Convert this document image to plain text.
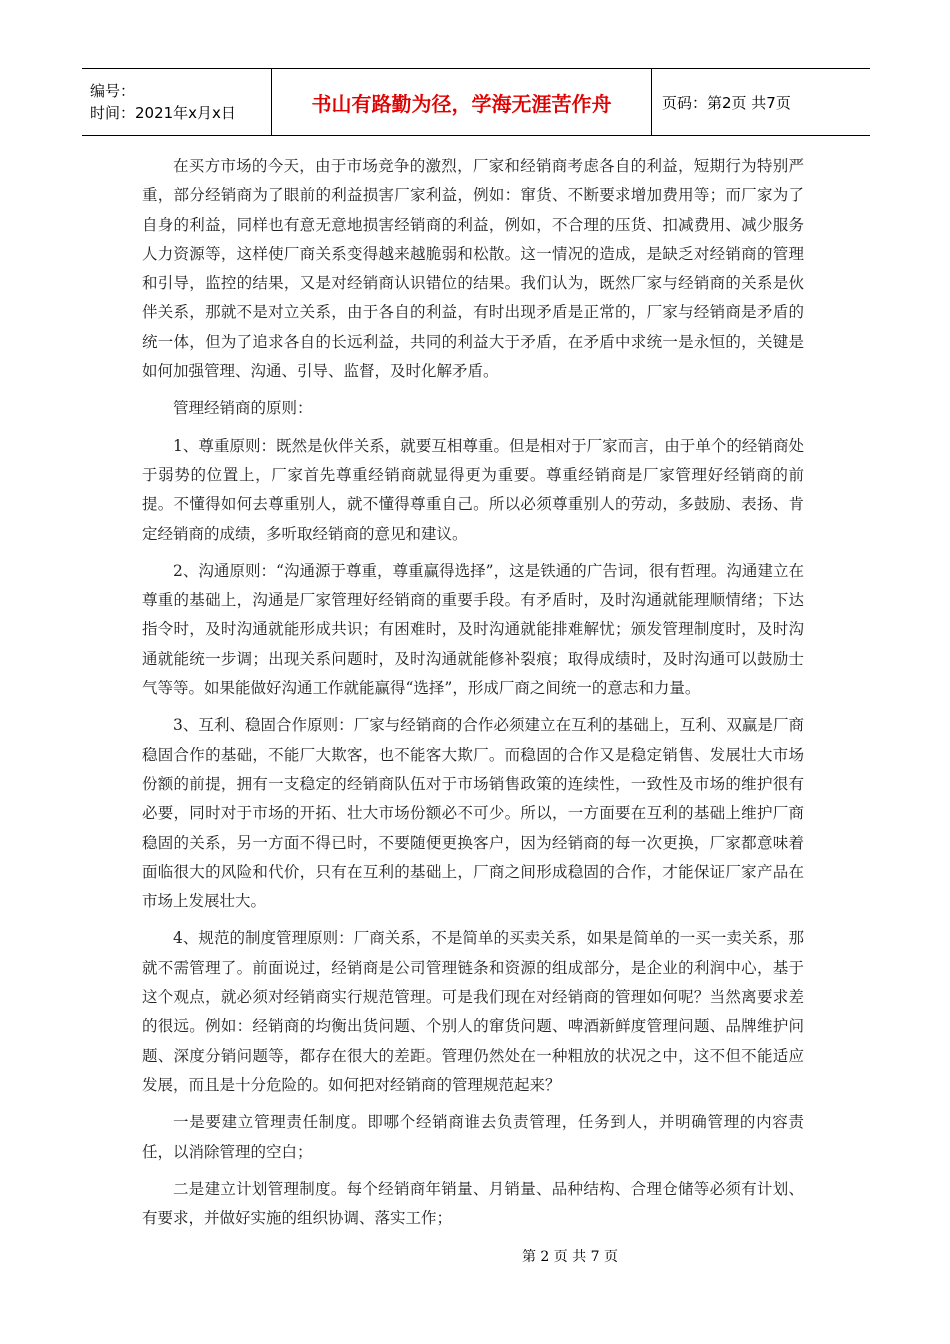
编号：
时间：2021年x月x日	书山有路勤为径，学海无涯苦作舟	页码：第2页 共7页

在买方市场的今天，由于市场竞争的激烈，厂家和经销商考虑各自的利益，短期行为特别严重，部分经销商为了眼前的利益损害厂家利益，例如：窜货、不断要求增加费用等；而厂家为了自身的利益，同样也有意无意地损害经销商的利益，例如，不合理的压货、扣减费用、减少服务人力资源等，这样使厂商关系变得越来越脆弱和松散。这一情况的造成，是缺乏对经销商的管理和引导，监控的结果，又是对经销商认识错位的结果。我们认为，既然厂家与经销商的关系是伙伴关系，那就不是对立关系，由于各自的利益，有时出现矛盾是正常的，厂家与经销商是矛盾的统一体，但为了追求各自的长远利益，共同的利益大于矛盾，在矛盾中求统一是永恒的，关键是如何加强管理、沟通、引导、监督，及时化解矛盾。

管理经销商的原则：

1、尊重原则：既然是伙伴关系，就要互相尊重。但是相对于厂家而言，由于单个的经销商处于弱势的位置上，厂家首先尊重经销商就显得更为重要。尊重经销商是厂家管理好经销商的前提。不懂得如何去尊重别人，就不懂得尊重自己。所以必须尊重别人的劳动，多鼓励、表扬、肯定经销商的成绩，多听取经销商的意见和建议。

2、沟通原则：“沟通源于尊重，尊重赢得选择”，这是铁通的广告词，很有哲理。沟通建立在尊重的基础上，沟通是厂家管理好经销商的重要手段。有矛盾时，及时沟通就能理顺情绪；下达指令时，及时沟通就能形成共识；有困难时，及时沟通就能排难解忧；颁发管理制度时，及时沟通就能统一步调；出现关系问题时，及时沟通就能修补裂痕；取得成绩时，及时沟通可以鼓励士气等等。如果能做好沟通工作就能赢得“选择”，形成厂商之间统一的意志和力量。

3、互利、稳固合作原则：厂家与经销商的合作必须建立在互利的基础上，互利、双赢是厂商稳固合作的基础，不能厂大欺客，也不能客大欺厂。而稳固的合作又是稳定销售、发展壮大市场份额的前提，拥有一支稳定的经销商队伍对于市场销售政策的连续性，一致性及市场的维护很有必要，同时对于市场的开拓、壮大市场份额必不可少。所以，一方面要在互利的基础上维护厂商稳固的关系，另一方面不得已时，不要随便更换客户，因为经销商的每一次更换，厂家都意味着面临很大的风险和代价，只有在互利的基础上，厂商之间形成稳固的合作，才能保证厂家产品在市场上发展壮大。

4、规范的制度管理原则：厂商关系，不是简单的买卖关系，如果是简单的一买一卖关系，那就不需管理了。前面说过，经销商是公司管理链条和资源的组成部分，是企业的利润中心，基于这个观点，就必须对经销商实行规范管理。可是我们现在对经销商的管理如何呢？当然离要求差的很远。例如：经销商的均衡出货问题、个别人的窜货问题、啤酒新鲜度管理问题、品牌维护问题、深度分销问题等，都存在很大的差距。管理仍然处在一种粗放的状况之中，这不但不能适应发展，而且是十分危险的。如何把对经销商的管理规范起来？

一是要建立管理责任制度。即哪个经销商谁去负责管理，任务到人，并明确管理的内容责任，以消除管理的空白；

二是建立计划管理制度。每个经销商年销量、月销量、品种结构、合理仓储等必须有计划、有要求，并做好实施的组织协调、落实工作；

第 2 页 共 7 页
